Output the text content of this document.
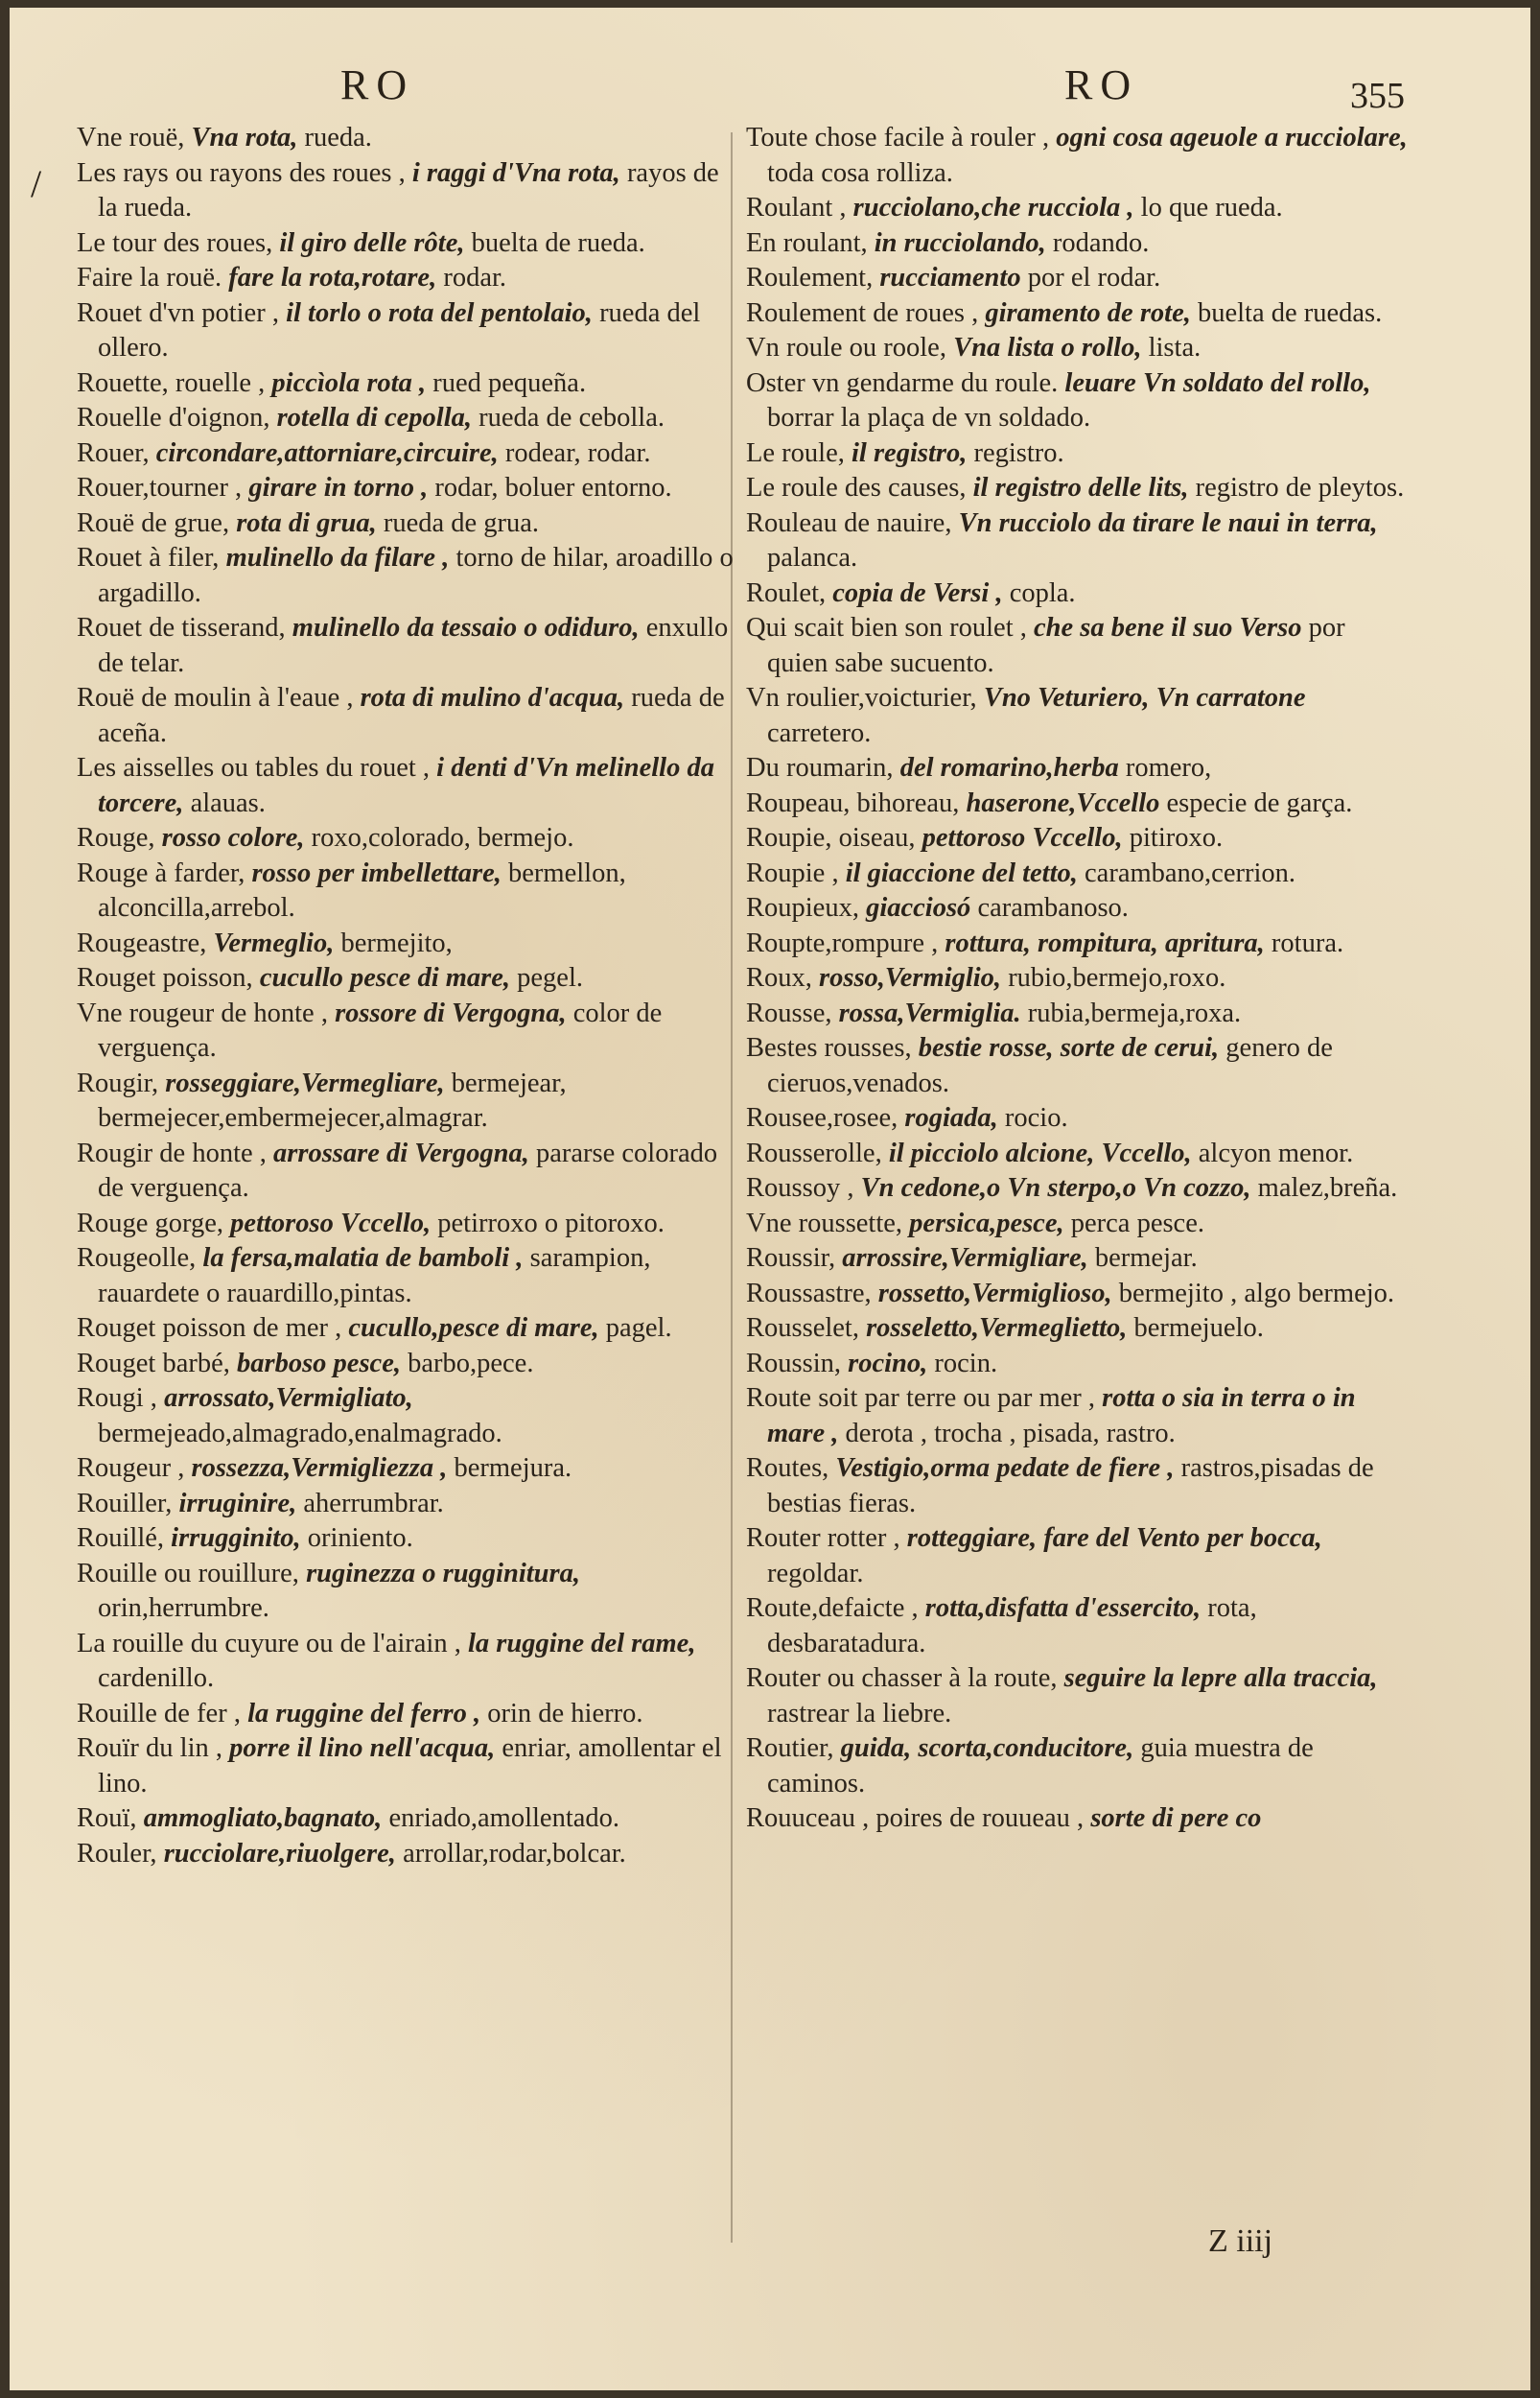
/
RO	RO	355

Vne rouë, Vna rota, rueda.

Les rays ou rayons des roues , i raggi d'Vna rota, rayos de la rueda.

Le tour des roues, il giro delle rôte, buelta de rueda.

Faire la rouë. fare la rota,rotare, rodar.

Rouet d'vn potier , il torlo o rota del pentolaio, rueda del ollero.

Rouette, rouelle , piccìola rota , rued pequeña.

Rouelle d'oignon, rotella di cepolla, rueda de cebolla.

Rouer, circondare,attorniare,circuire, rodear, rodar.

Rouer,tourner , girare in torno , rodar, boluer entorno.

Rouë de grue, rota di grua, rueda de grua.

Rouet à filer, mulinello da filare , torno de hilar, aroadillo o argadillo.

Rouet de tisserand, mulinello da tessaio o odiduro, enxullo de telar.

Rouë de moulin à l'eaue , rota di mulino d'acqua, rueda de aceña.

Les aisselles ou tables du rouet , i denti d'Vn melinello da torcere, alauas.

Rouge, rosso colore, roxo,colorado, bermejo.

Rouge à farder, rosso per imbellettare, bermellon, alconcilla,arrebol.

Rougeastre, Vermeglio, bermejito,

Rouget poisson, cucullo pesce di mare, pegel.

Vne rougeur de honte , rossore di Vergogna, color de verguença.

Rougir, rosseggiare,Vermegliare, bermejear, bermejecer,embermejecer,almagrar.

Rougir de honte , arrossare di Vergogna, pararse colorado de verguença.

Rouge gorge, pettoroso Vccello, petirroxo o pitoroxo.

Rougeolle, la fersa,malatia de bamboli , sarampion, rauardete o rauardillo,pintas.

Rouget poisson de mer , cucullo,pesce di mare, pagel.

Rouget barbé, barboso pesce, barbo,pece.

Rougi , arrossato,Vermigliato, bermejeado,almagrado,enalmagrado.

Rougeur , rossezza,Vermigliezza , bermejura.

Rouiller, irruginire, aherrumbrar.

Rouillé, irrugginito, oriniento.

Rouille ou rouillure, ruginezza o rugginitura, orin,herrumbre.

La rouille du cuyure ou de l'airain , la ruggine del rame, cardenillo.

Rouille de fer , la ruggine del ferro , orin de hierro.

Rouïr du lin , porre il lino nell'acqua, enriar, amollentar el lino.

Rouï, ammogliato,bagnato, enriado,amollentado.

Rouler, rucciolare,riuolgere, arrollar,rodar,bolcar.

Toute chose facile à rouler , ogni cosa ageuole a rucciolare, toda cosa rolliza.

Roulant , rucciolano,che rucciola , lo que rueda.

En roulant, in rucciolando, rodando.

Roulement, rucciamento por el rodar.

Roulement de roues , giramento de rote, buelta de ruedas.

Vn roule ou roole, Vna lista o rollo, lista.

Oster vn gendarme du roule. leuare Vn soldato del rollo, borrar la plaça de vn soldado.

Le roule, il registro, registro.

Le roule des causes, il registro delle lits, registro de pleytos.

Rouleau de nauire, Vn rucciolo da tirare le naui in terra, palanca.

Roulet, copia de Versi , copla.

Qui scait bien son roulet , che sa bene il suo Verso por quien sabe sucuento.

Vn roulier,voicturier, Vno Veturiero, Vn carratone carretero.

Du roumarin, del romarino,herba romero,

Roupeau, bihoreau, haserone,Vccello especie de garça.

Roupie, oiseau, pettoroso Vccello, pitiroxo.

Roupie , il giaccione del tetto, carambano,cerrion.

Roupieux, giacciosó carambanoso.

Roupte,rompure , rottura, rompitura, apritura, rotura.

Roux, rosso,Vermiglio, rubio,bermejo,roxo.

Rousse, rossa,Vermiglia. rubia,bermeja,roxa.

Bestes rousses, bestie rosse, sorte de cerui, genero de cieruos,venados.

Rousee,rosee, rogiada, rocio.

Rousserolle, il picciolo alcione, Vccello, alcyon menor.

Roussoy , Vn cedone,o Vn sterpo,o Vn cozzo, malez,breña.

Vne roussette, persica,pesce, perca pesce.

Roussir, arrossire,Vermigliare, bermejar.

Roussastre, rossetto,Vermiglioso, bermejito , algo bermejo.

Rousselet, rosseletto,Vermeglietto, bermejuelo.

Roussin, rocino, rocin.

Route soit par terre ou par mer , rotta o sia in terra o in mare , derota , trocha , pisada, rastro.

Routes, Vestigio,orma pedate de fiere , rastros,pisadas de bestias fieras.

Router rotter , rotteggiare, fare del Vento per bocca, regoldar.

Route,defaicte , rotta,disfatta d'essercito, rota, desbaratadura.

Router ou chasser à la route, seguire la lepre alla traccia, rastrear la liebre.

Routier, guida, scorta,conducitore, guia muestra de caminos.

Rouuceau , poires de rouueau , sorte di pere co

Z iiij
